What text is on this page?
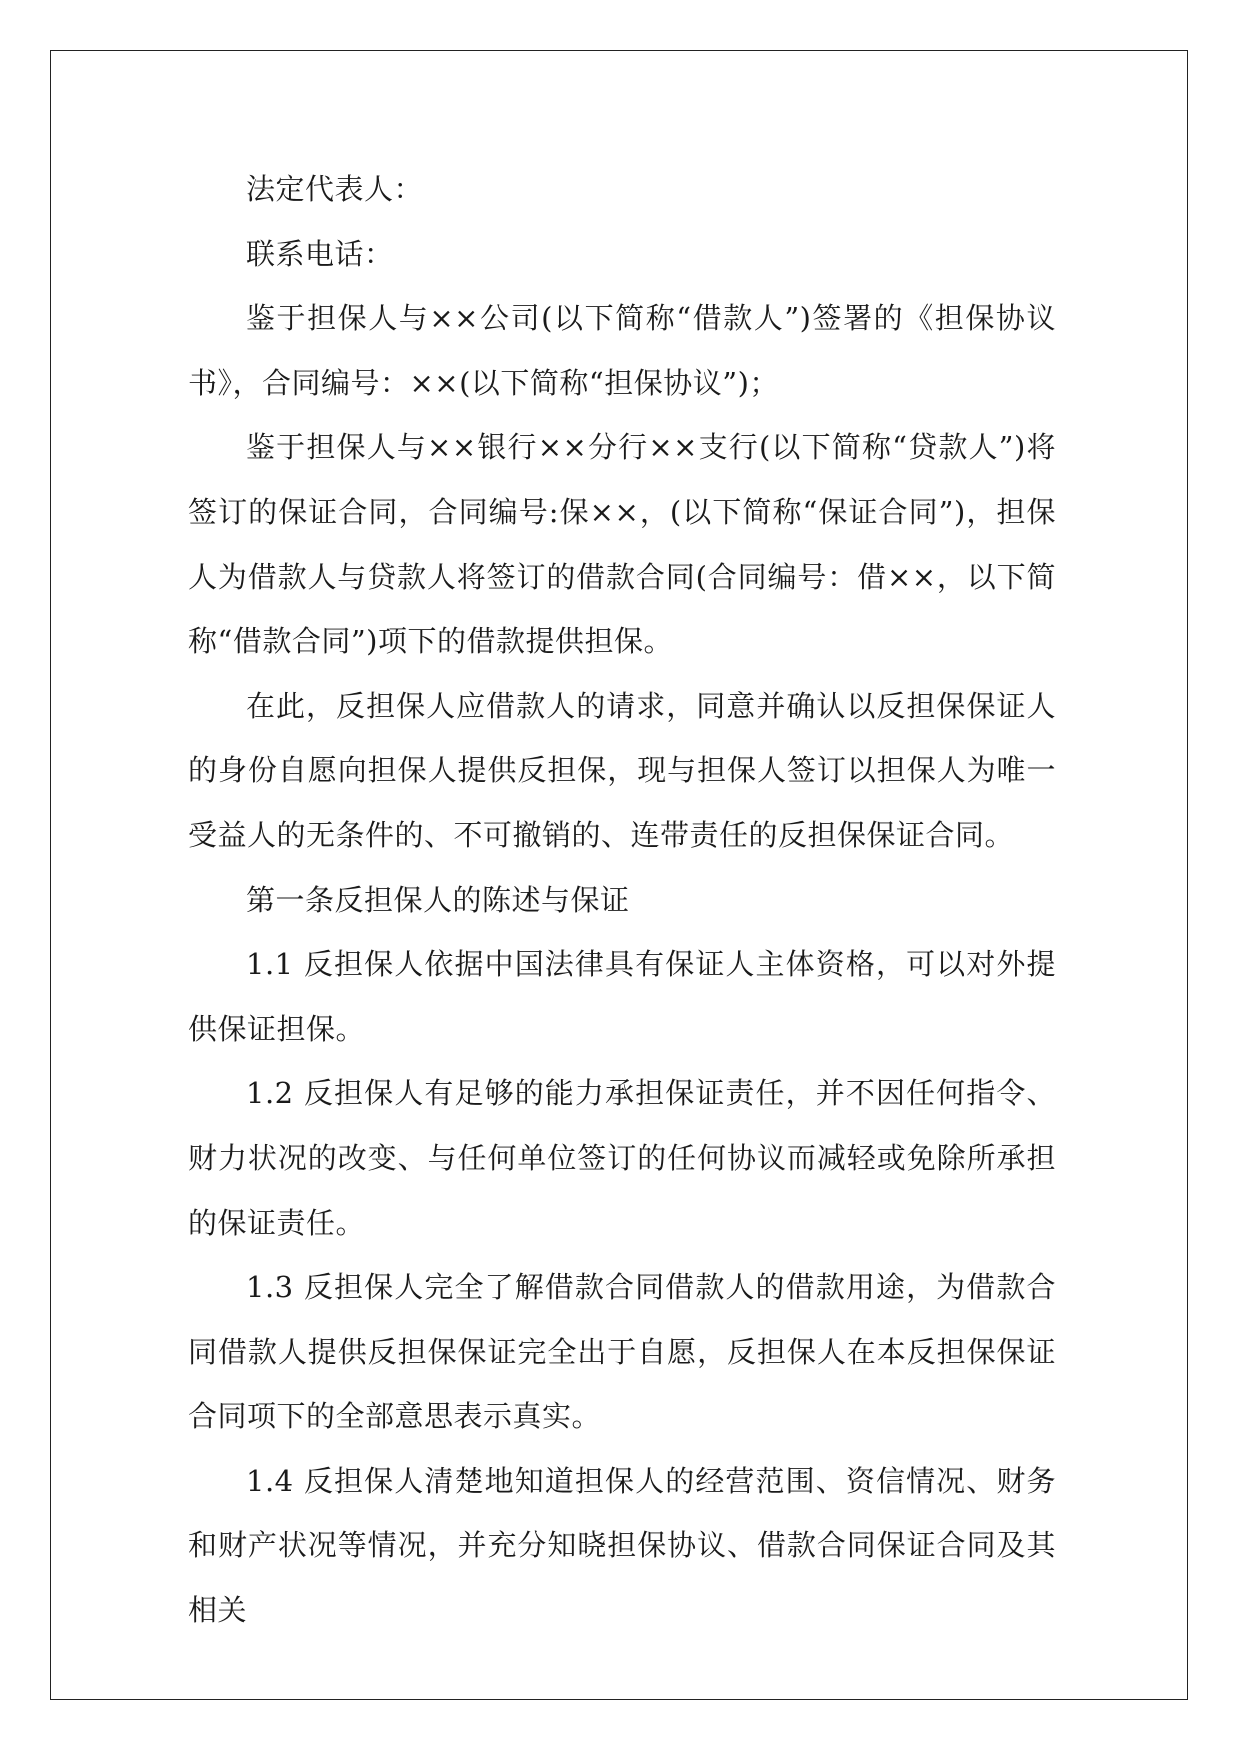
法定代表人：

联系电话：

鉴于担保人与××公司(以下简称“借款人”)签署的《担保协议书》，合同编号：××(以下简称“担保协议”)；

鉴于担保人与××银行××分行××支行(以下简称“贷款人”)将签订的保证合同，合同编号:保××，(以下简称“保证合同”)，担保人为借款人与贷款人将签订的借款合同(合同编号：借××，以下简称“借款合同”)项下的借款提供担保。

在此，反担保人应借款人的请求，同意并确认以反担保保证人的身份自愿向担保人提供反担保，现与担保人签订以担保人为唯一受益人的无条件的、不可撤销的、连带责任的反担保保证合同。

第一条反担保人的陈述与保证

1.1 反担保人依据中国法律具有保证人主体资格，可以对外提供保证担保。

1.2 反担保人有足够的能力承担保证责任，并不因任何指令、财力状况的改变、与任何单位签订的任何协议而减轻或免除所承担的保证责任。

1.3 反担保人完全了解借款合同借款人的借款用途，为借款合同借款人提供反担保保证完全出于自愿，反担保人在本反担保保证合同项下的全部意思表示真实。

1.4 反担保人清楚地知道担保人的经营范围、资信情况、财务和财产状况等情况，并充分知晓担保协议、借款合同保证合同及其相关
